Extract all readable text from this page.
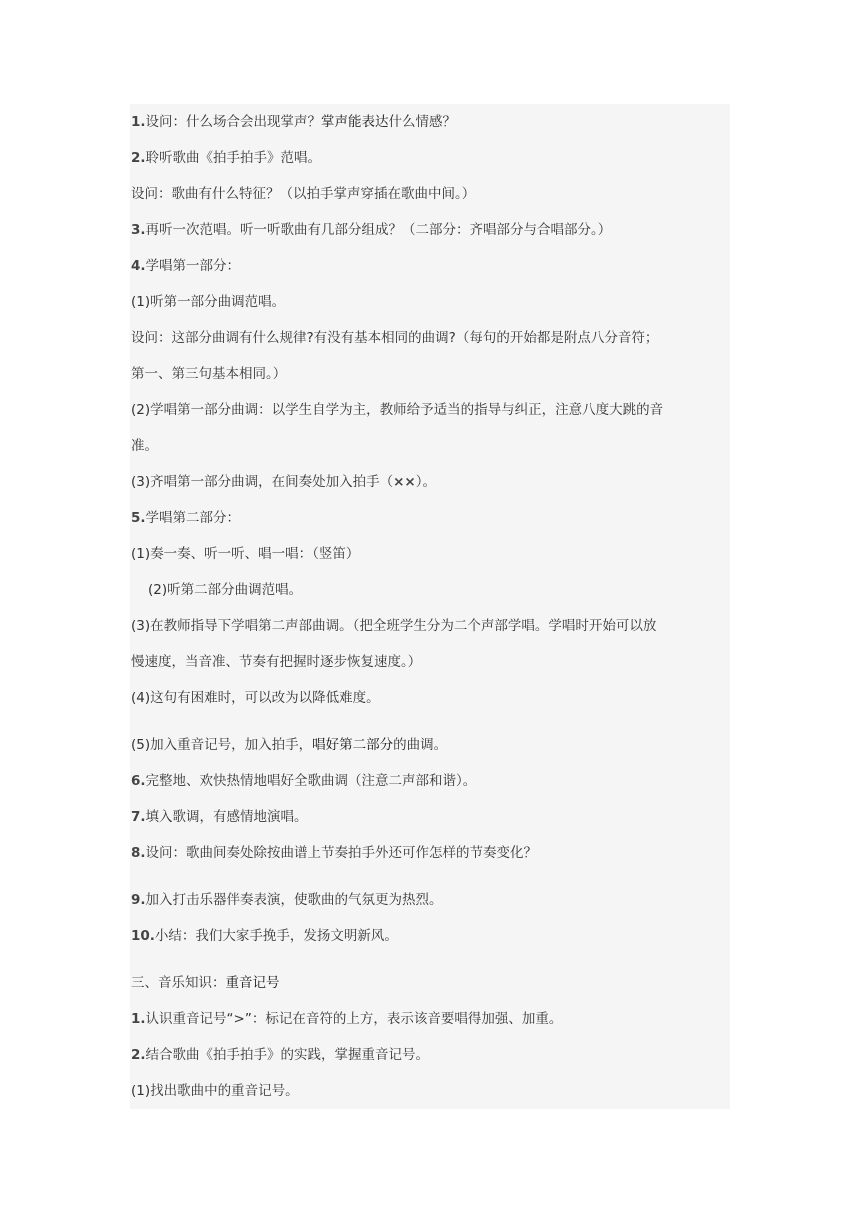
1.设问：什么场合会出现掌声？掌声能表达什么情感？
2.聆听歌曲《拍手拍手》范唱。
设问：歌曲有什么特征？（以拍手掌声穿插在歌曲中间。）
3.再听一次范唱。听一听歌曲有几部分组成？（二部分：齐唱部分与合唱部分。）
4.学唱第一部分：
(1)听第一部分曲调范唱。
设问：这部分曲调有什么规律?有没有基本相同的曲调?（每句的开始都是附点八分音符；
第一、第三句基本相同。）
(2)学唱第一部分曲调：以学生自学为主，教师给予适当的指导与纠正，注意八度大跳的音
准。
(3)齐唱第一部分曲调，在间奏处加入拍手（××）。
5.学唱第二部分：
(1)奏一奏、听一听、唱一唱：（竖笛）
(2)听第二部分曲调范唱。
(3)在教师指导下学唱第二声部曲调。（把全班学生分为二个声部学唱。学唱时开始可以放
慢速度，当音准、节奏有把握时逐步恢复速度。）
(4)这句有困难时，可以改为以降低难度。
(5)加入重音记号，加入拍手，唱好第二部分的曲调。
6.完整地、欢快热情地唱好全歌曲调（注意二声部和谐）。
7.填入歌调，有感情地演唱。
8.设问：歌曲间奏处除按曲谱上节奏拍手外还可作怎样的节奏变化？
9.加入打击乐器伴奏表演，使歌曲的气氛更为热烈。
10.小结：我们大家手挽手，发扬文明新风。
三、音乐知识：重音记号
1.认识重音记号“>”：标记在音符的上方，表示该音要唱得加强、加重。
2.结合歌曲《拍手拍手》的实践，掌握重音记号。
(1)找出歌曲中的重音记号。
